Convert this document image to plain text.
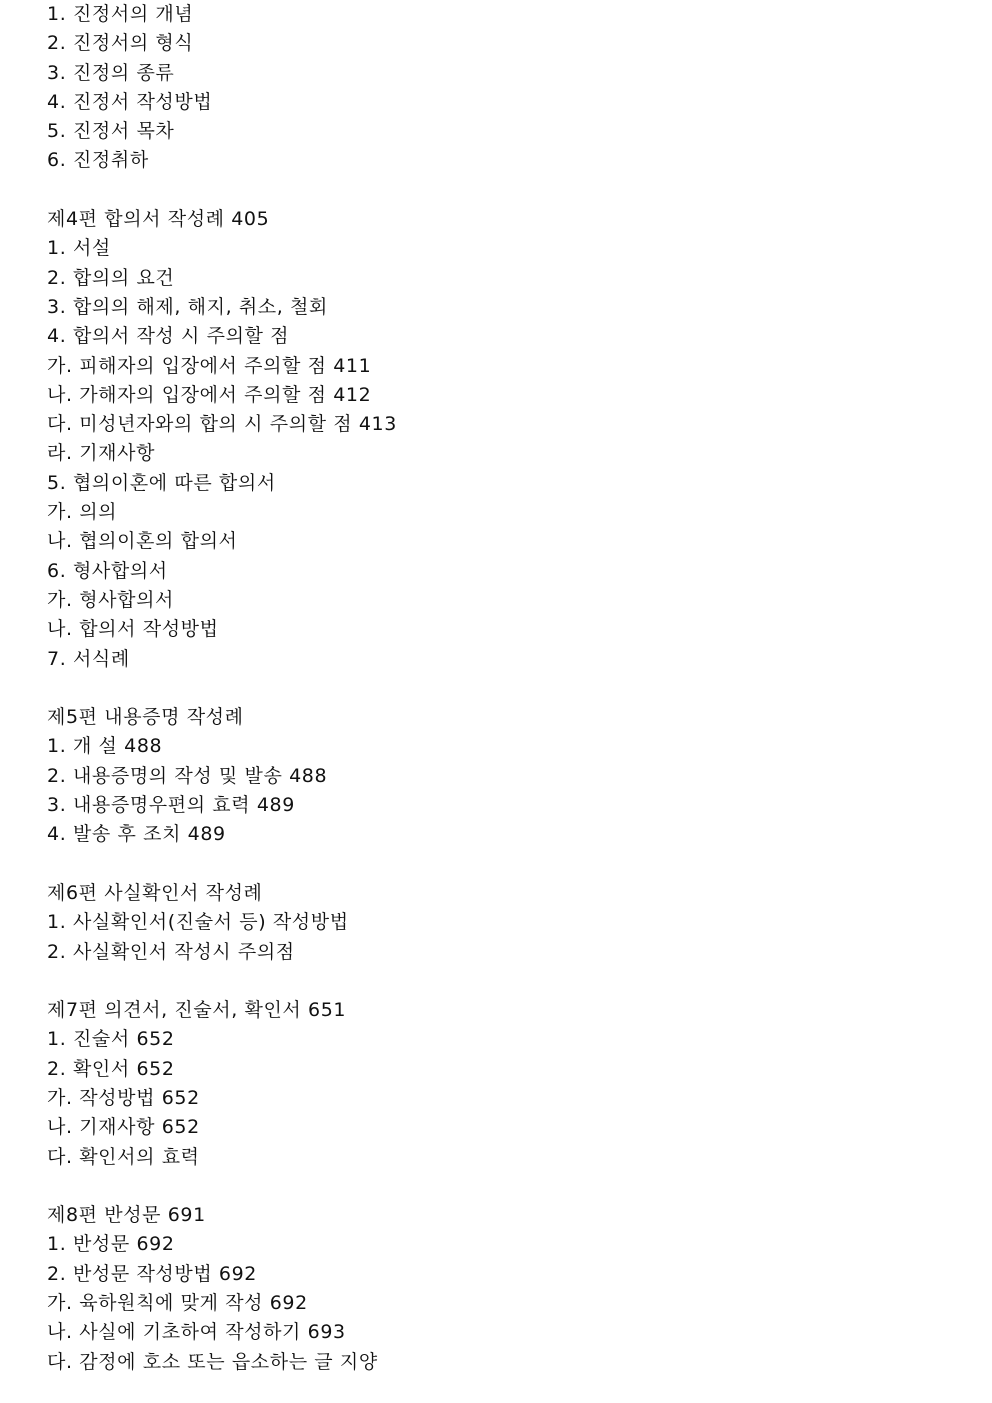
1. 진정서의 개념
2. 진정서의 형식
3. 진정의 종류
4. 진정서 작성방법
5. 진정서 목차
6. 진정취하
제4편 합의서 작성례 405
1. 서설
2. 합의의 요건
3. 합의의 해제, 해지, 취소, 철회
4. 합의서 작성 시 주의할 점
가. 피해자의 입장에서 주의할 점 411
나. 가해자의 입장에서 주의할 점 412
다. 미성년자와의 합의 시 주의할 점 413
라. 기재사항
5. 협의이혼에 따른 합의서
가. 의의
나. 협의이혼의 합의서
6. 형사합의서
가. 형사합의서
나. 합의서 작성방법
7. 서식례
제5편 내용증명 작성례
1. 개 설 488
2. 내용증명의 작성 및 발송 488
3. 내용증명우편의 효력 489
4. 발송 후 조치 489
제6편 사실확인서 작성례
1. 사실확인서(진술서 등) 작성방법
2. 사실확인서 작성시 주의점
제7편 의견서, 진술서, 확인서 651
1. 진술서 652
2. 확인서 652
가. 작성방법 652
나. 기재사항 652
다. 확인서의 효력
제8편 반성문 691
1. 반성문 692
2. 반성문 작성방법 692
가. 육하원칙에 맞게 작성 692
나. 사실에 기초하여 작성하기 693
다. 감정에 호소 또는 읍소하는 글 지양
